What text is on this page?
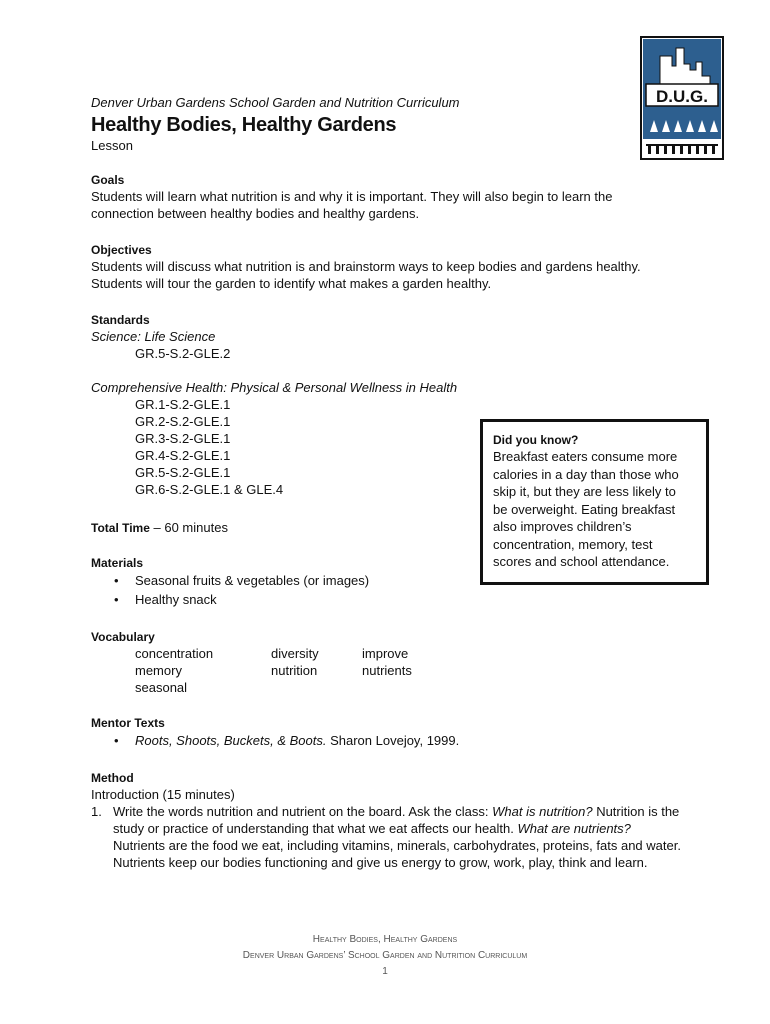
D.U.G.
Denver Urban Gardens School Garden and Nutrition Curriculum
Healthy Bodies, Healthy Gardens
Lesson
Goals
Students will learn what nutrition is and why it is important. They will also begin to learn the
connection between healthy bodies and healthy gardens.
Objectives
Students will discuss what nutrition is and brainstorm ways to keep bodies and gardens healthy.
Students will tour the garden to identify what makes a garden healthy.
Standards
Science: Life Science
GR.5-S.2-GLE.2
Comprehensive Health: Physical & Personal Wellness in Health
GR.1-S.2-GLE.1
GR.2-S.2-GLE.1
GR.3-S.2-GLE.1
GR.4-S.2-GLE.1
GR.5-S.2-GLE.1
GR.6-S.2-GLE.1 & GLE.4
Total Time – 60 minutes
Materials
• Seasonal fruits & vegetables (or images)
• Healthy snack
Did you know?
Breakfast eaters consume more
calories in a day than those who
skip it, but they are less likely to
be overweight. Eating breakfast
also improves children’s
concentration, memory, test
scores and school attendance.
Vocabulary
concentration	diversity	improve
memory	nutrition	nutrients
seasonal
Mentor Texts
• Roots, Shoots, Buckets, & Boots. Sharon Lovejoy, 1999.
Method
Introduction (15 minutes)
1. Write the words nutrition and nutrient on the board. Ask the class: What is nutrition? Nutrition is the study or practice of understanding that what we eat affects our health. What are nutrients? Nutrients are the food we eat, including vitamins, minerals, carbohydrates, proteins, fats and water. Nutrients keep our bodies functioning and give us energy to grow, work, play, think and learn.
Healthy Bodies, Healthy Gardens
Denver Urban Gardens’ School Garden and Nutrition Curriculum
1
